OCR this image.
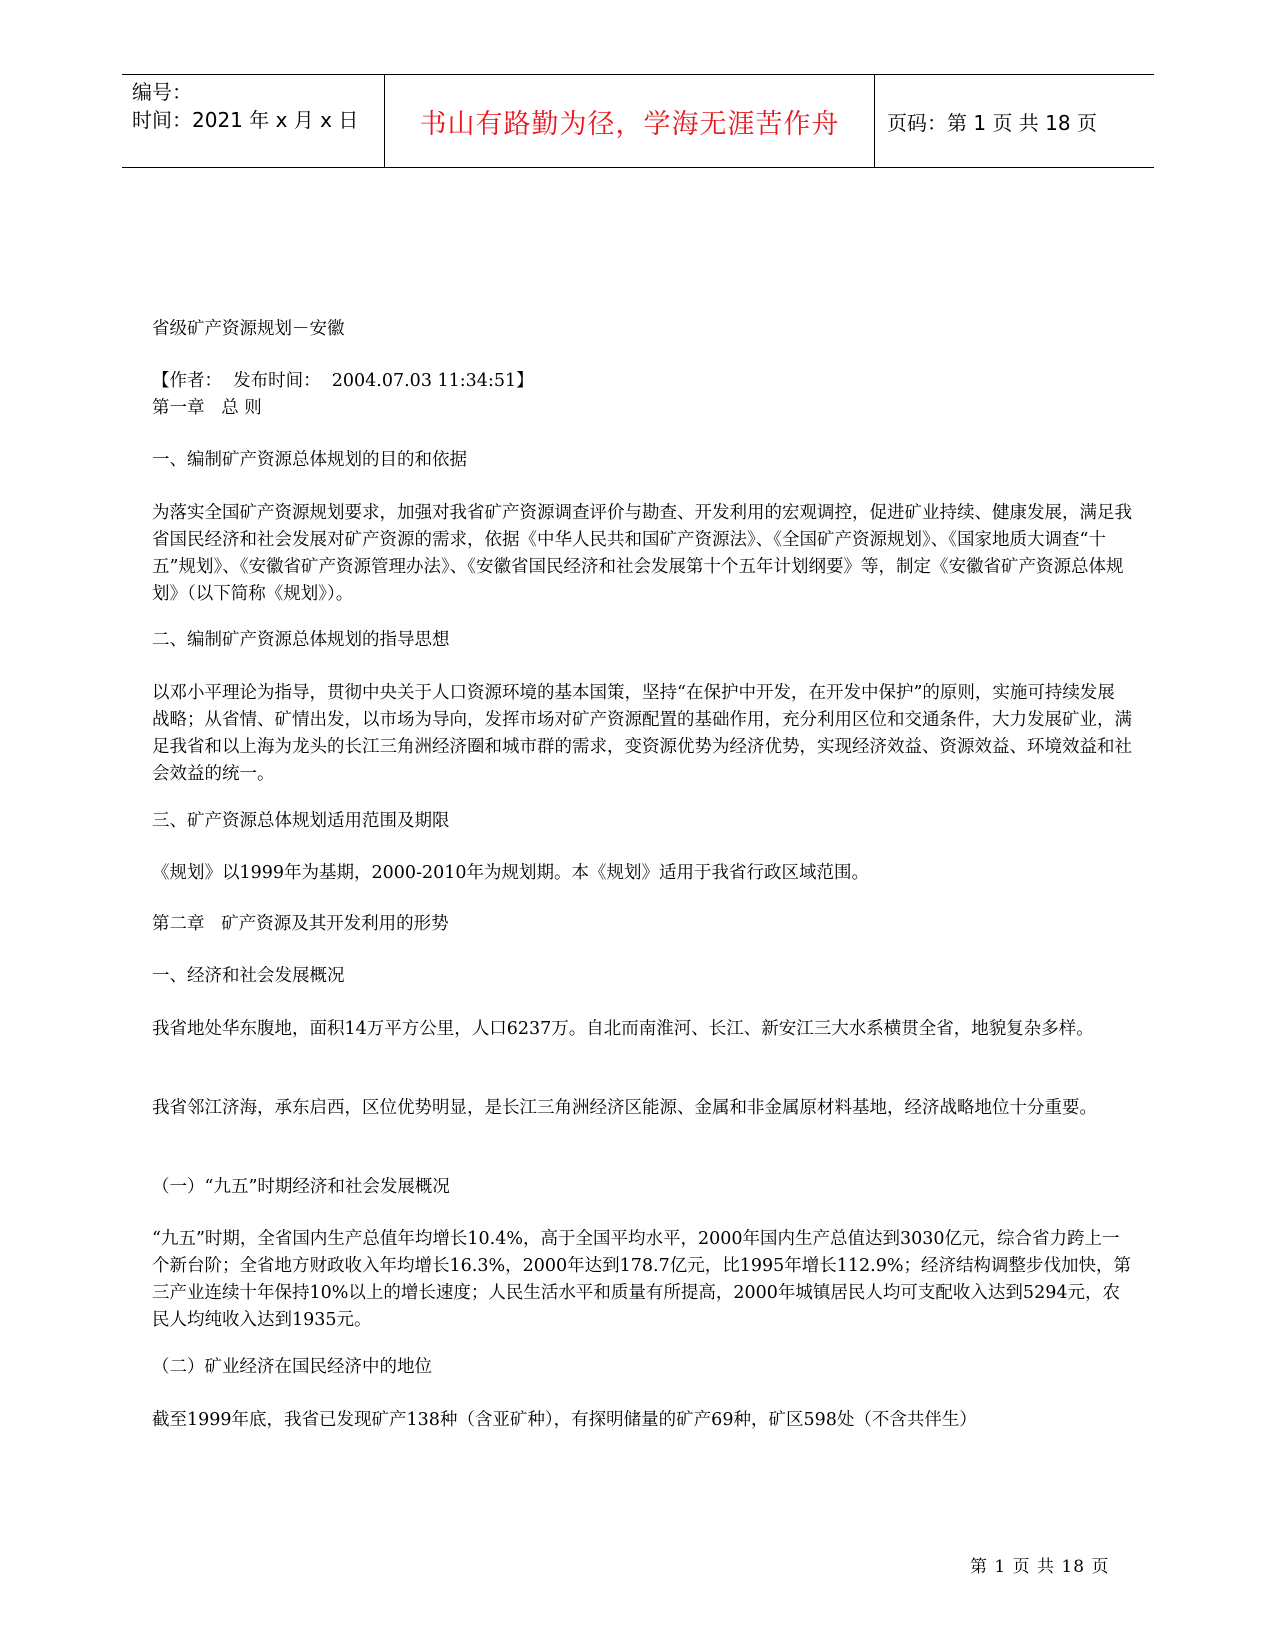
编号：
时间：2021 年 x 月 x 日	书山有路勤为径，学海无涯苦作舟	页码：第 1 页 共 18 页

省级矿产资源规划－安徽

【作者：  发布时间：  2004.07.03 11:34:51】

第一章   总 则

一、编制矿产资源总体规划的目的和依据

为落实全国矿产资源规划要求，加强对我省矿产资源调查评价与勘查、开发利用的宏观调控，促进矿业持续、健康发展，满足我省国民经济和社会发展对矿产资源的需求，依据《中华人民共和国矿产资源法》、《全国矿产资源规划》、《国家地质大调查“十五”规划》、《安徽省矿产资源管理办法》、《安徽省国民经济和社会发展第十个五年计划纲要》等，制定《安徽省矿产资源总体规划》（以下简称《规划》）。

二、编制矿产资源总体规划的指导思想

以邓小平理论为指导，贯彻中央关于人口资源环境的基本国策，坚持“在保护中开发，在开发中保护”的原则，实施可持续发展战略；从省情、矿情出发，以市场为导向，发挥市场对矿产资源配置的基础作用，充分利用区位和交通条件，大力发展矿业，满足我省和以上海为龙头的长江三角洲经济圈和城市群的需求，变资源优势为经济优势，实现经济效益、资源效益、环境效益和社会效益的统一。

三、矿产资源总体规划适用范围及期限

《规划》以1999年为基期，2000-2010年为规划期。本《规划》适用于我省行政区域范围。

第二章   矿产资源及其开发利用的形势

一、经济和社会发展概况

我省地处华东腹地，面积14万平方公里，人口6237万。自北而南淮河、长江、新安江三大水系横贯全省，地貌复杂多样。

我省邻江济海，承东启西，区位优势明显，是长江三角洲经济区能源、金属和非金属原材料基地，经济战略地位十分重要。

（一）“九五”时期经济和社会发展概况

“九五”时期，全省国内生产总值年均增长10.4%，高于全国平均水平，2000年国内生产总值达到3030亿元，综合省力跨上一个新台阶；全省地方财政收入年均增长16.3%，2000年达到178.7亿元，比1995年增长112.9%；经济结构调整步伐加快，第三产业连续十年保持10%以上的增长速度；人民生活水平和质量有所提高，2000年城镇居民人均可支配收入达到5294元，农民人均纯收入达到1935元。

（二）矿业经济在国民经济中的地位

截至1999年底，我省已发现矿产138种（含亚矿种），有探明储量的矿产69种，矿区598处（不含共伴生）

第 1 页 共 18 页
